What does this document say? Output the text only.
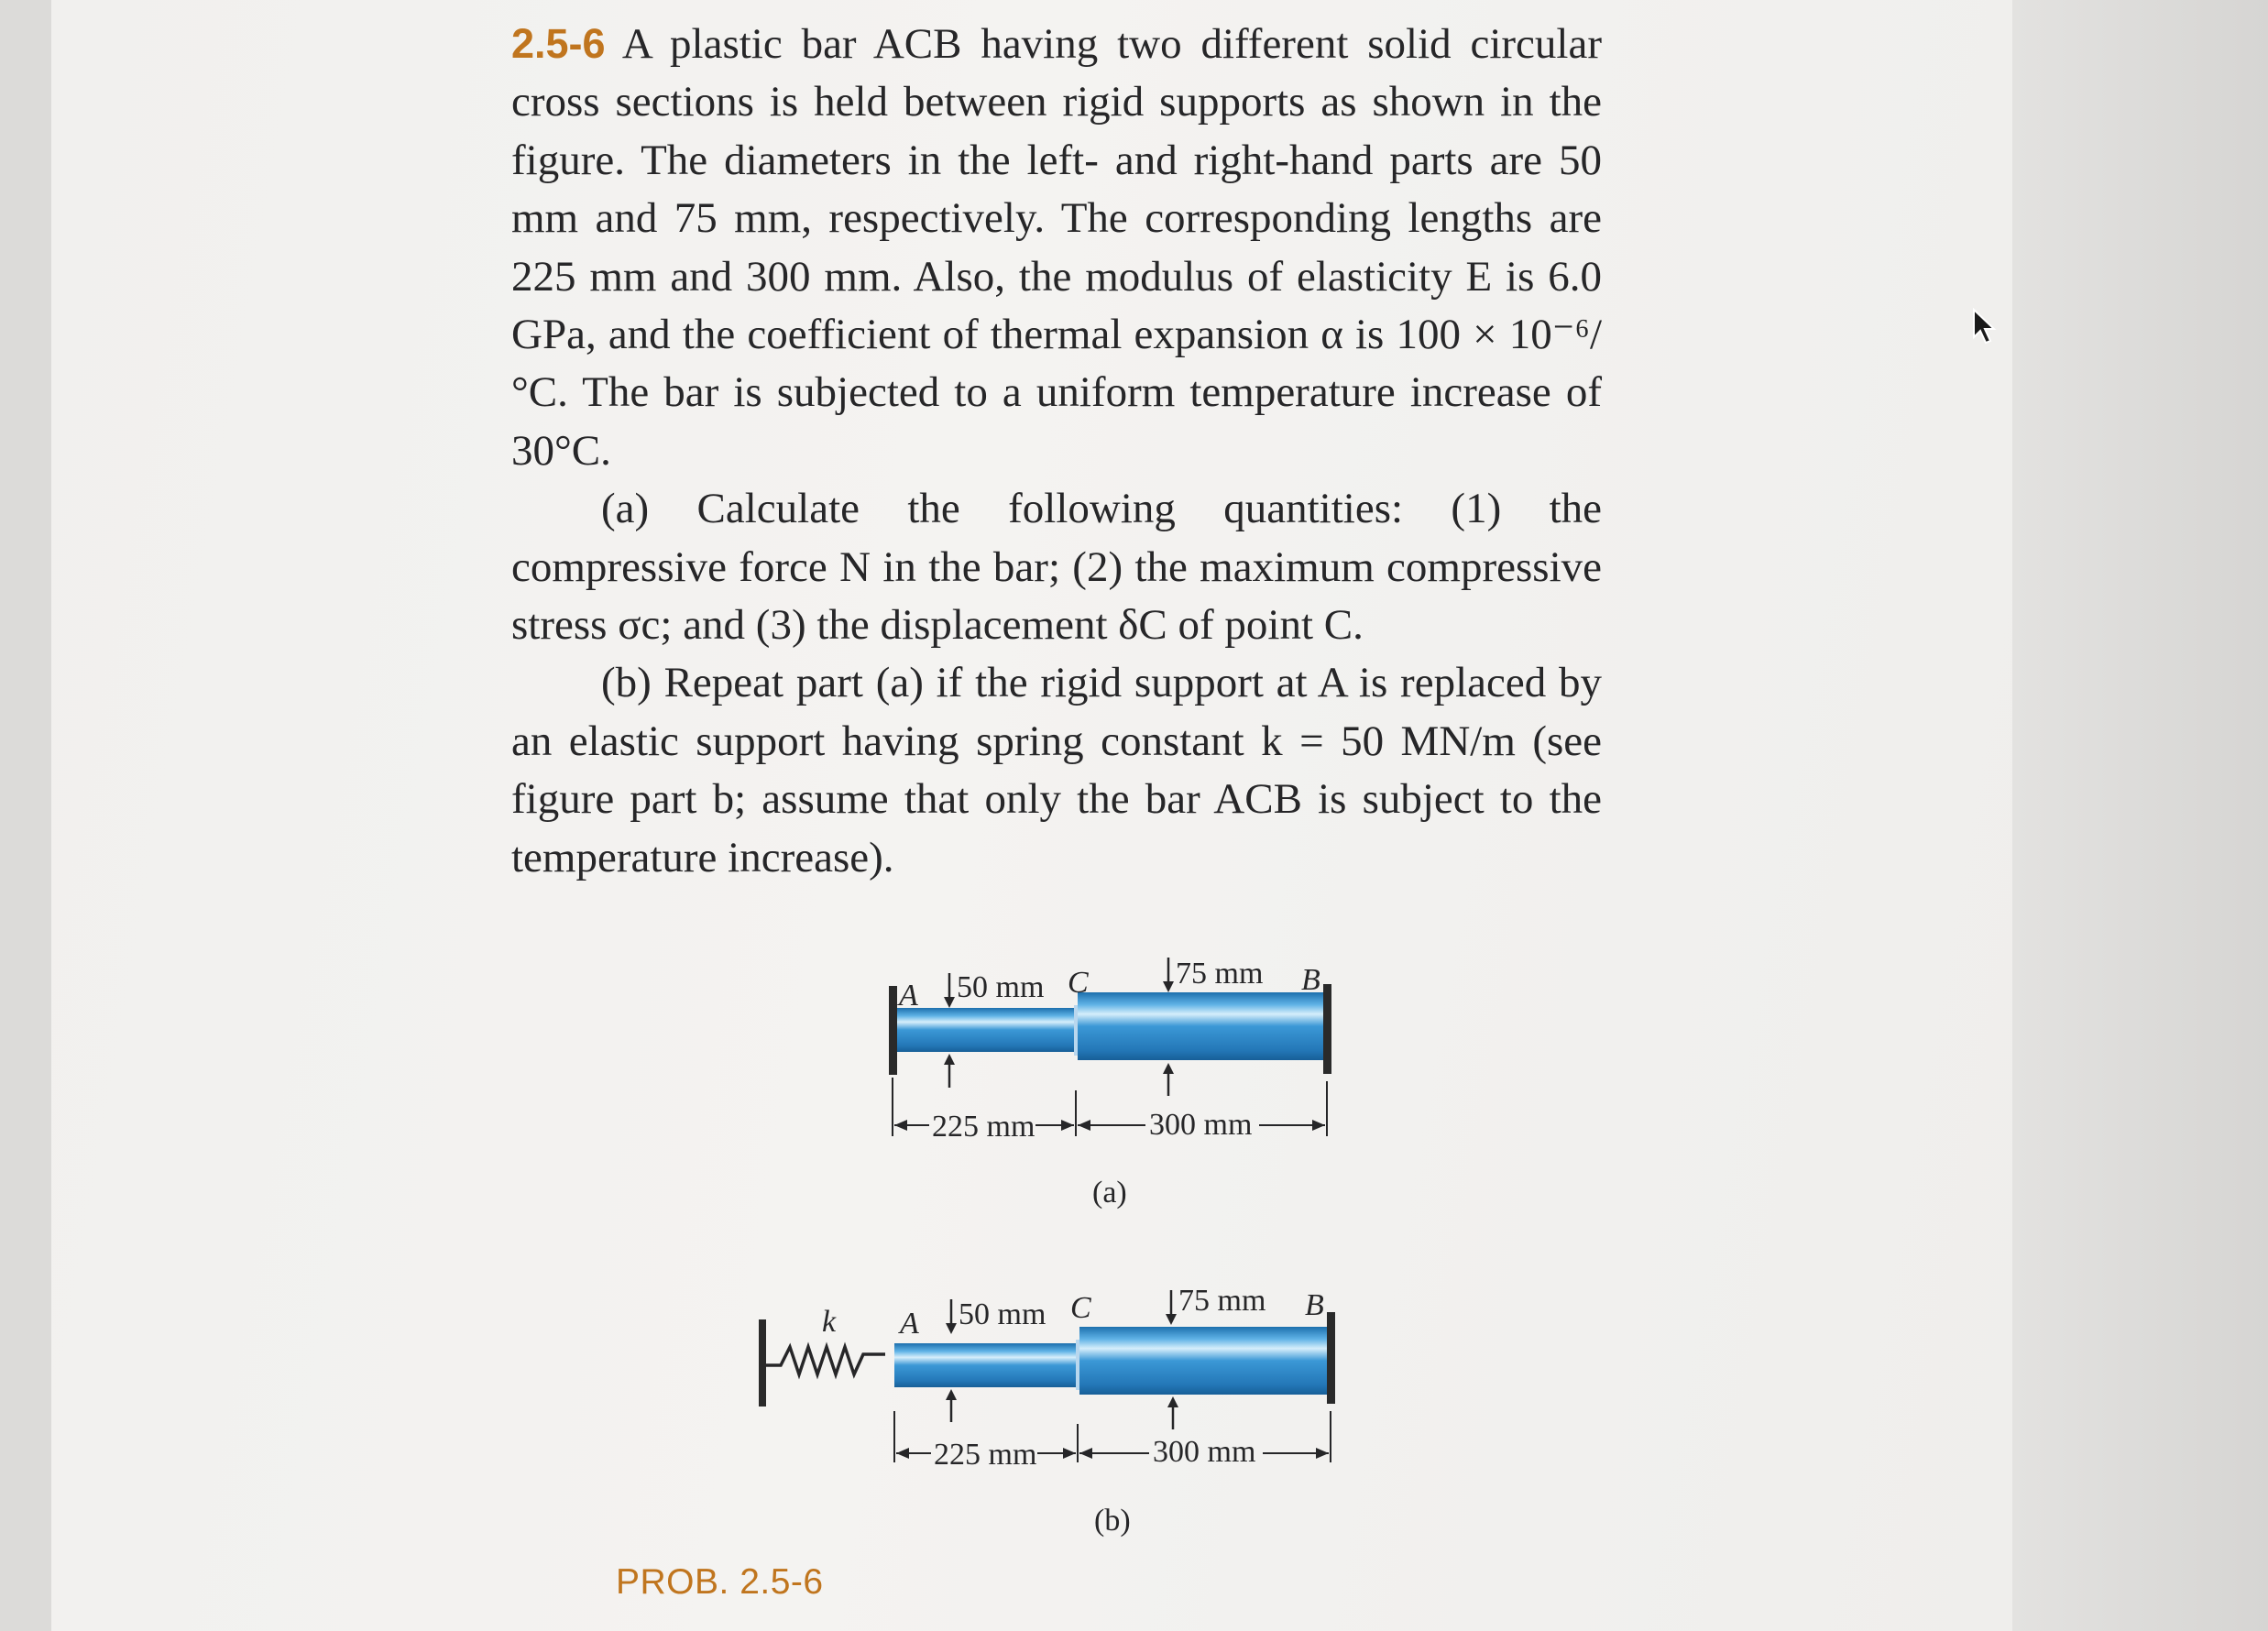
2.5-6 A plastic bar ACB having two different solid circular cross sections is held between rigid supports as shown in the figure. The diameters in the left- and right-hand parts are 50 mm and 75 mm, respectively. The corresponding lengths are 225 mm and 300 mm. Also, the modulus of elasticity E is 6.0 GPa, and the coefficient of thermal expansion α is 100 × 10⁻⁶/°C. The bar is subjected to a uniform temperature increase of 30°C.

(a) Calculate the following quantities: (1) the compressive force N in the bar; (2) the maximum compressive stress σc; and (3) the displacement δC of point C.

(b) Repeat part (a) if the rigid support at A is replaced by an elastic support having spring constant k = 50 MN/m (see figure part b; assume that only the bar ACB is subject to the temperature increase).

A 50 mm C	75 mm B
225 mm	300 mm
(a)
k A 50 mm C	75 mm B
225 mm	300 mm
(b)
PROB. 2.5-6
